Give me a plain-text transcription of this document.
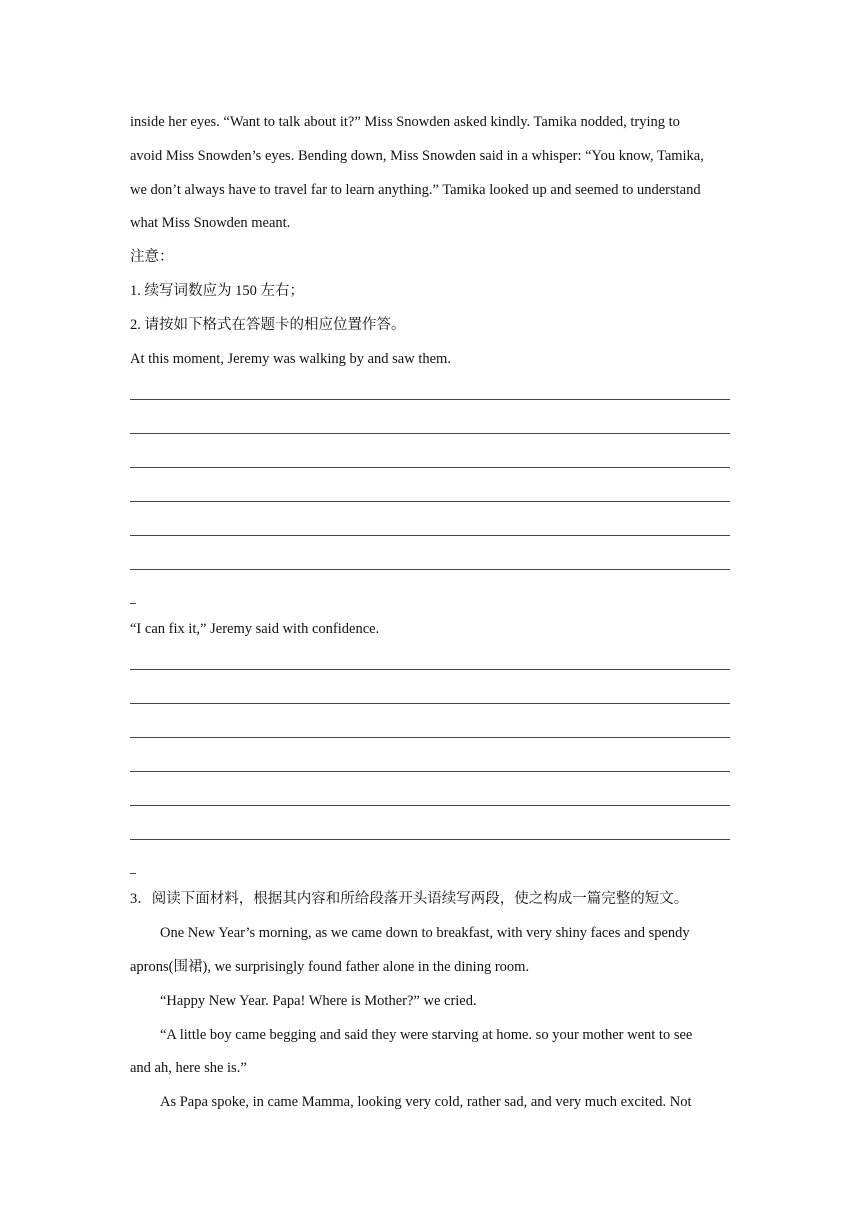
inside her eyes. “Want to talk about it?” Miss Snowden asked kindly. Tamika nodded, trying to
avoid Miss Snowden’s eyes. Bending down, Miss Snowden said in a whisper: “You know, Tamika,
we don’t always have to travel far to learn anything.” Tamika looked up and seemed to understand
what Miss Snowden meant.
注意：
1. 续写词数应为 150 左右；
2. 请按如下格式在答题卡的相应位置作答。
At this moment, Jeremy was walking by and saw them.
“I can fix it,” Jeremy said with confidence.
3．阅读下面材料，根据其内容和所给段落开头语续写两段，使之构成一篇完整的短文。
One New Year’s morning, as we came down to breakfast, with very shiny faces and spendy
aprons(围裙), we surprisingly found father alone in the dining room.
“Happy New Year. Papa! Where is Mother?” we cried.
“A little boy came begging and said they were starving at home. so your mother went to see
and ah, here she is.”
As Papa spoke, in came Mamma, looking very cold, rather sad, and very much excited. Not
